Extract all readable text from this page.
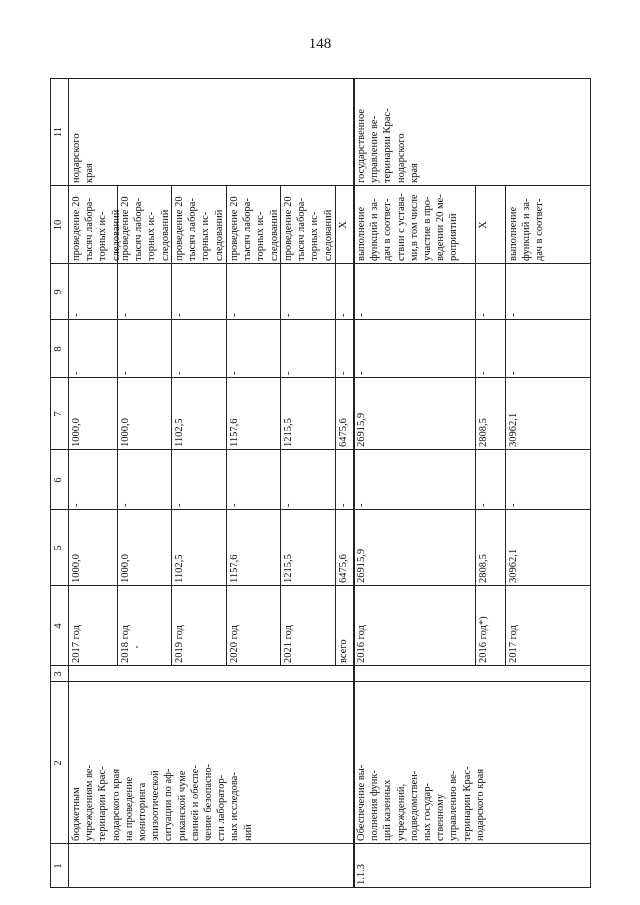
148
1
2
3
4
5
6
7
8
9
10
11
бюджетным
учреждениям ве-
теринарии Крас-
нодарского края
на проведение
мониторинга
эпизоотической
ситуации по аф-
риканской чуме
свиней и обеспе-
чение безопасно-
сти лаборатор-
ных исследова-
ний
нодарского
края
2017 год
1000,0
-
1000,0
-
-
проведение 20
тысяч лабора-
торных ис-
следований
2018 год
1000,0
-
1000,0
-
-
проведение 20
тысяч лабора-
торных ис-
следований
2019 год
1102,5
-
1102,5
-
-
проведение 20
тысяч лабора-
торных ис-
следований
2020 год
1157,6
-
1157,6
-
-
проведение 20
тысяч лабора-
торных ис-
следований
2021 год
1215,5
-
1215,5
-
-
проведение 20
тысяч лабора-
торных ис-
следований
всего
6475,6
-
6475,6
-
-
X
1.1.3
Обеспечение вы-
полнения функ-
ций казенных
учреждений,
подведомствен-
ных государ-
ственному
управлению ве-
теринарии Крас-
нодарского края
государственное
управление ве-
теринарии Крас-
нодарского
края
2016 год
26915,9
-
26915,9
-
-
выполнение
функций и за-
дач в соответ-
ствии с устава-
ми,в том числе
участие в про-
ведении 20 ме-
роприятий
2016 год*)
2808,5
-
2808,5
-
-
X
2017 год
30962,1
-
30962,1
-
-
выполнение
функций и за-
дач в соответ-
